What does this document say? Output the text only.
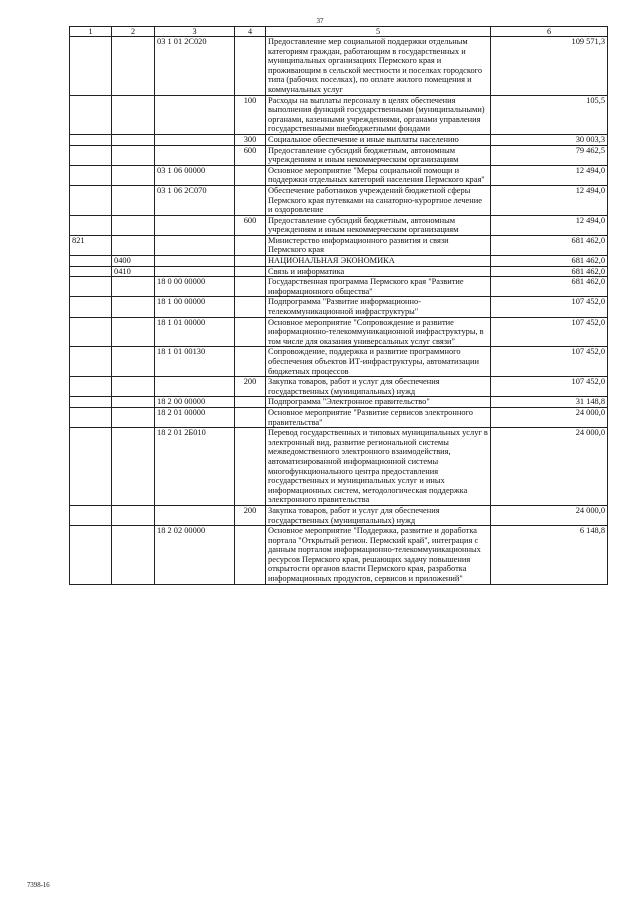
37
1	2	3	4	5	6
		03 1 01 2С020		Предоставление мер социальной поддержки отдельным категориям граждан, работающим в государственных и муниципальных организациях Пермского края и проживающим в сельской местности и поселках городского типа (рабочих поселках), по оплате жилого помещения и коммунальных услуг	109 571,3
			100	Расходы на выплаты персоналу в целях обеспечения выполнения функций государственными (муниципальными) органами, казенными учреждениями, органами управления государственными внебюджетными фондами	105,5
			300	Социальное обеспечение и иные выплаты населению	30 003,3
			600	Предоставление субсидий бюджетным, автономным учреждениям и иным некоммерческим организациям	79 462,5
		03 1 06 00000		Основное мероприятие "Меры социальной помощи и поддержки отдельных категорий населения Пермского края"	12 494,0
		03 1 06 2С070		Обеспечение работников учреждений бюджетной сферы Пермского края путевками на санаторно-курортное лечение и оздоровление	12 494,0
			600	Предоставление субсидий бюджетным, автономным учреждениям и иным некоммерческим организациям	12 494,0
821				Министерство информационного развития и связи Пермского края	681 462,0
	0400			НАЦИОНАЛЬНАЯ ЭКОНОМИКА	681 462,0
	0410			Связь и информатика	681 462,0
		18 0 00 00000		Государственная программа Пермского края "Развитие информационного общества"	681 462,0
		18 1 00 00000		Подпрограмма "Развитие информационно-телекоммуникационной инфраструктуры"	107 452,0
		18 1 01 00000		Основное мероприятие "Сопровождение и развитие информационно-телекоммуникационной инфраструктуры, в том числе для оказания универсальных услуг связи"	107 452,0
		18 1 01 00130		Сопровождение, поддержка и развитие программного обеспечения объектов ИТ-инфраструктуры, автоматизации бюджетных процессов	107 452,0
			200	Закупка товаров, работ и услуг для обеспечения государственных (муниципальных) нужд	107 452,0
		18 2 00 00000		Подпрограмма "Электронное правительство"	31 148,8
		18 2 01 00000		Основное мероприятие "Развитие сервисов электронного правительства"	24 000,0
		18 2 01 2Б010		Перевод государственных и типовых муниципальных услуг в электронный вид, развитие региональной системы межведомственного электронного взаимодействия, автоматизированной информационной системы многофункционального центра предоставления государственных и муниципальных услуг и иных информационных систем, методологическая поддержка электронного правительства	24 000,0
			200	Закупка товаров, работ и услуг для обеспечения государственных (муниципальных) нужд	24 000,0
		18 2 02 00000		Основное мероприятие "Поддержка, развитие и доработка портала "Открытый регион. Пермский край", интеграция с данным порталом информационно-телекоммуникационных ресурсов Пермского края, решающих задачу повышения открытости органов власти Пермского края, разработка информационных продуктов, сервисов и приложений"	6 148,8
7398-16
